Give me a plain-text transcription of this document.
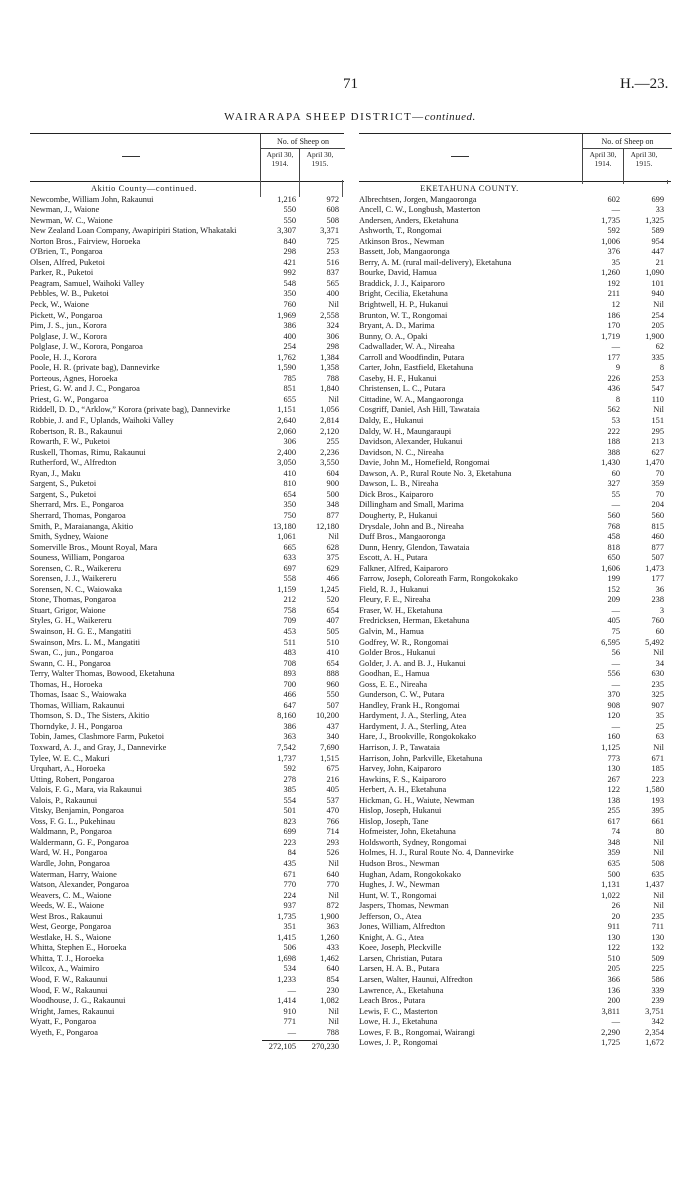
71	H.—23.
WAIRARAPA SHEEP DISTRICT—continued.
No. of Sheep on
April 30, 1914.
April 30, 1915.
Akitio County—continued.
Newcombe, William John, Rakaunui	1,216	972
Newman, J., Waione	550	608
Newman, W. C., Waione	550	508
New Zealand Loan Company, Awapiripiri Station, Whakataki	3,307	3,371
Norton Bros., Fairview, Horoeka	840	725
O'Brien, T., Pongaroa	298	253
Olsen, Alfred, Puketoi	421	516
Parker, R., Puketoi	992	837
Peagram, Samuel, Waihoki Valley	548	565
Pebbles, W. B., Puketoi	350	400
Peck, W., Waione	760	Nil
Pickett, W., Pongaroa	1,969	2,558
Pim, J. S., jun., Korora	386	324
Polglase, J. W., Korora	400	306
Polglase, J. W., Korora, Pongaroa	254	298
Poole, H. J., Korora	1,762	1,384
Poole, H. R. (private bag), Dannevirke	1,590	1,358
Porteous, Agnes, Horoeka	785	788
Priest, G. W. and J. C., Pongaroa	851	1,840
Priest, G. W., Pongaroa	655	Nil
Riddell, D. D., “Arklow,” Korora (private bag), Dannevirke	1,151	1,056
Robbie, J. and F., Uplands, Waihoki Valley	2,640	2,814
Robertson, R. B., Rakaunui	2,060	2,120
Rowarth, F. W., Puketoi	306	255
Ruskell, Thomas, Rimu, Rakaunui	2,400	2,236
Rutherford, W., Alfredton	3,050	3,550
Ryan, J., Maku	410	604
Sargent, S., Puketoi	810	900
Sargent, S., Puketoi	654	500
Sherrard, Mrs. E., Pongaroa	350	348
Sherrard, Thomas, Pongaroa	750	877
Smith, P., Maraiananga, Akitio	13,180	12,180
Smith, Sydney, Waione	1,061	Nil
Somerville Bros., Mount Royal, Mara	665	628
Souness, William, Pongaroa	633	375
Sorensen, C. R., Waikereru	697	629
Sorensen, J. J., Waikereru	558	466
Sorensen, N. C., Waiowaka	1,159	1,245
Stone, Thomas, Pongaroa	212	520
Stuart, Grigor, Waione	758	654
Styles, G. H., Waikereru	709	407
Swainson, H. G. E., Mangatiti	453	505
Swainson, Mrs. L. M., Mangatiti	511	510
Swan, C., jun., Pongaroa	483	410
Swann, C. H., Pongaroa	708	654
Terry, Walter Thomas, Bowood, Eketahuna	893	888
Thomas, H., Horoeka	700	960
Thomas, Isaac S., Waiowaka	466	550
Thomas, William, Rakaunui	647	507
Thomson, S. D., The Sisters, Akitio	8,160	10,200
Thorndyke, J. H., Pongaroa	386	437
Tobin, James, Clashmore Farm, Puketoi	363	340
Toxward, A. J., and Gray, J., Dannevirke	7,542	7,690
Tylee, W. E. C., Makuri	1,737	1,515
Urquhart, A., Horoeka	592	675
Utting, Robert, Pongaroa	278	216
Valois, F. G., Mara, via Rakaunui	385	405
Valois, P., Rakaunui	554	537
Vitsky, Benjamin, Pongaroa	501	470
Voss, F. G. L., Pukehinau	823	766
Waldmann, P., Pongaroa	699	714
Waldermann, G. F., Pongaroa	223	293
Ward, W. H., Pongaroa	84	526
Wardle, John, Pongaroa	435	Nil
Waterman, Harry, Waione	671	640
Watson, Alexander, Pongaroa	770	770
Weavers, C. M., Waione	224	Nil
Weeds, W. E., Waione	937	872
West Bros., Rakaunui	1,735	1,900
West, George, Pongaroa	351	363
Westlake, H. S., Waione	1,415	1,260
Whitta, Stephen E., Horoeka	506	433
Whitta, T. J., Horoeka	1,698	1,462
Wilcox, A., Waimiro	534	640
Wood, F. W., Rakaunui	1,233	854
Wood, F. W., Rakaunui	—	230
Woodhouse, J. G., Rakaunui	1,414	1,082
Wright, James, Rakaunui	910	Nil
Wyatt, F., Pongaroa	771	Nil
Wyeth, F., Pongaroa	—	788
272,105	270,230
No. of Sheep on
April 30, 1914.
April 30, 1915.
EKETAHUNA COUNTY.
Albrechtsen, Jorgen, Mangaoronga	602	699
Ancell, C. W., Longbush, Masterton	—	33
Andersen, Anders, Eketahuna	1,735	1,325
Ashworth, T., Rongomai	592	589
Atkinson Bros., Newman	1,006	954
Bassett, Job, Mangaoronga	376	447
Berry, A. M. (rural mail-delivery), Eketahuna	35	21
Bourke, David, Hamua	1,260	1,090
Braddick, J. J., Kaiparoro	192	101
Bright, Cecilia, Eketahuna	211	940
Brightwell, H. P., Hukanui	12	Nil
Brunton, W. T., Rongomai	186	254
Bryant, A. D., Marima	170	205
Bunny, O. A., Opaki	1,719	1,900
Cadwallader, W. A., Nireaha	—	62
Carroll and Woodfindin, Putara	177	335
Carter, John, Eastfield, Eketahuna	9	8
Caseby, H. F., Hukanui	226	253
Christensen, L. C., Putara	436	547
Cittadine, W. A., Mangaoronga	8	110
Cosgriff, Daniel, Ash Hill, Tawataia	562	Nil
Daldy, E., Hukanui	53	151
Daldy, W. H., Maungaraupi	222	295
Davidson, Alexander, Hukanui	188	213
Davidson, N. C., Nireaha	388	627
Davie, John M., Homefield, Rongomai	1,430	1,470
Dawson, A. P., Rural Route No. 3, Eketahuna	60	70
Dawson, L. B., Nireaha	327	359
Dick Bros., Kaiparoro	55	70
Dillingham and Small, Marima	—	204
Dougherty, P., Hukanui	560	560
Drysdale, John and B., Nireaha	768	815
Duff Bros., Mangaoronga	458	460
Dunn, Henry, Glendon, Tawataia	818	877
Escott, A. H., Putara	650	507
Falkner, Alfred, Kaiparoro	1,606	1,473
Farrow, Joseph, Coloreath Farm, Rongokokako	199	177
Field, R. J., Hukanui	152	36
Fleury, F. E., Nireaha	209	238
Fraser, W. H., Eketahuna	—	3
Fredricksen, Herman, Eketahuna	405	760
Galvin, M., Hamua	75	60
Godfrey, W. R., Rongomai	6,595	5,492
Golder Bros., Hukanui	56	Nil
Golder, J. A. and B. J., Hukanui	—	34
Goodhan, E., Hamua	556	630
Goss, E. E., Nireaha	—	235
Gunderson, C. W., Putara	370	325
Handley, Frank H., Rongomai	908	907
Hardyment, J. A., Sterling, Atea	120	35
Hardyment, J. A., Sterling, Atea	—	25
Hare, J., Brookville, Rongokokako	160	63
Harrison, J. P., Tawataia	1,125	Nil
Harrison, John, Parkville, Eketahuna	773	671
Harvey, John, Kaiparoro	130	185
Hawkins, F. S., Kaiparoro	267	223
Herbert, A. H., Eketahuna	122	1,580
Hickman, G. H., Waiute, Newman	138	193
Hislop, Joseph, Hukanui	255	395
Hislop, Joseph, Tane	617	661
Hofmeister, John, Eketahuna	74	80
Holdsworth, Sydney, Rongomai	348	Nil
Holmes, H. J., Rural Route No. 4, Dannevirke	359	Nil
Hudson Bros., Newman	635	508
Hughan, Adam, Rongokokako	500	635
Hughes, J. W., Newman	1,131	1,437
Hunt, W. T., Rongomai	1,022	Nil
Jaspers, Thomas, Newman	26	Nil
Jefferson, O., Atea	20	235
Jones, William, Alfredton	911	711
Knight, A. G., Atea	130	130
Koee, Joseph, Pleckville	122	132
Larsen, Christian, Putara	510	509
Larsen, H. A. B., Putara	205	225
Larsen, Walter, Haunui, Alfredton	366	586
Lawrence, A., Eketahuna	136	339
Leach Bros., Putara	200	239
Lewis, F. C., Masterton	3,811	3,751
Lowe, H. J., Eketahuna	—	342
Lowes, F. B., Rongomai, Wairangi	2,290	2,354
Lowes, J. P., Rongomai	1,725	1,672
